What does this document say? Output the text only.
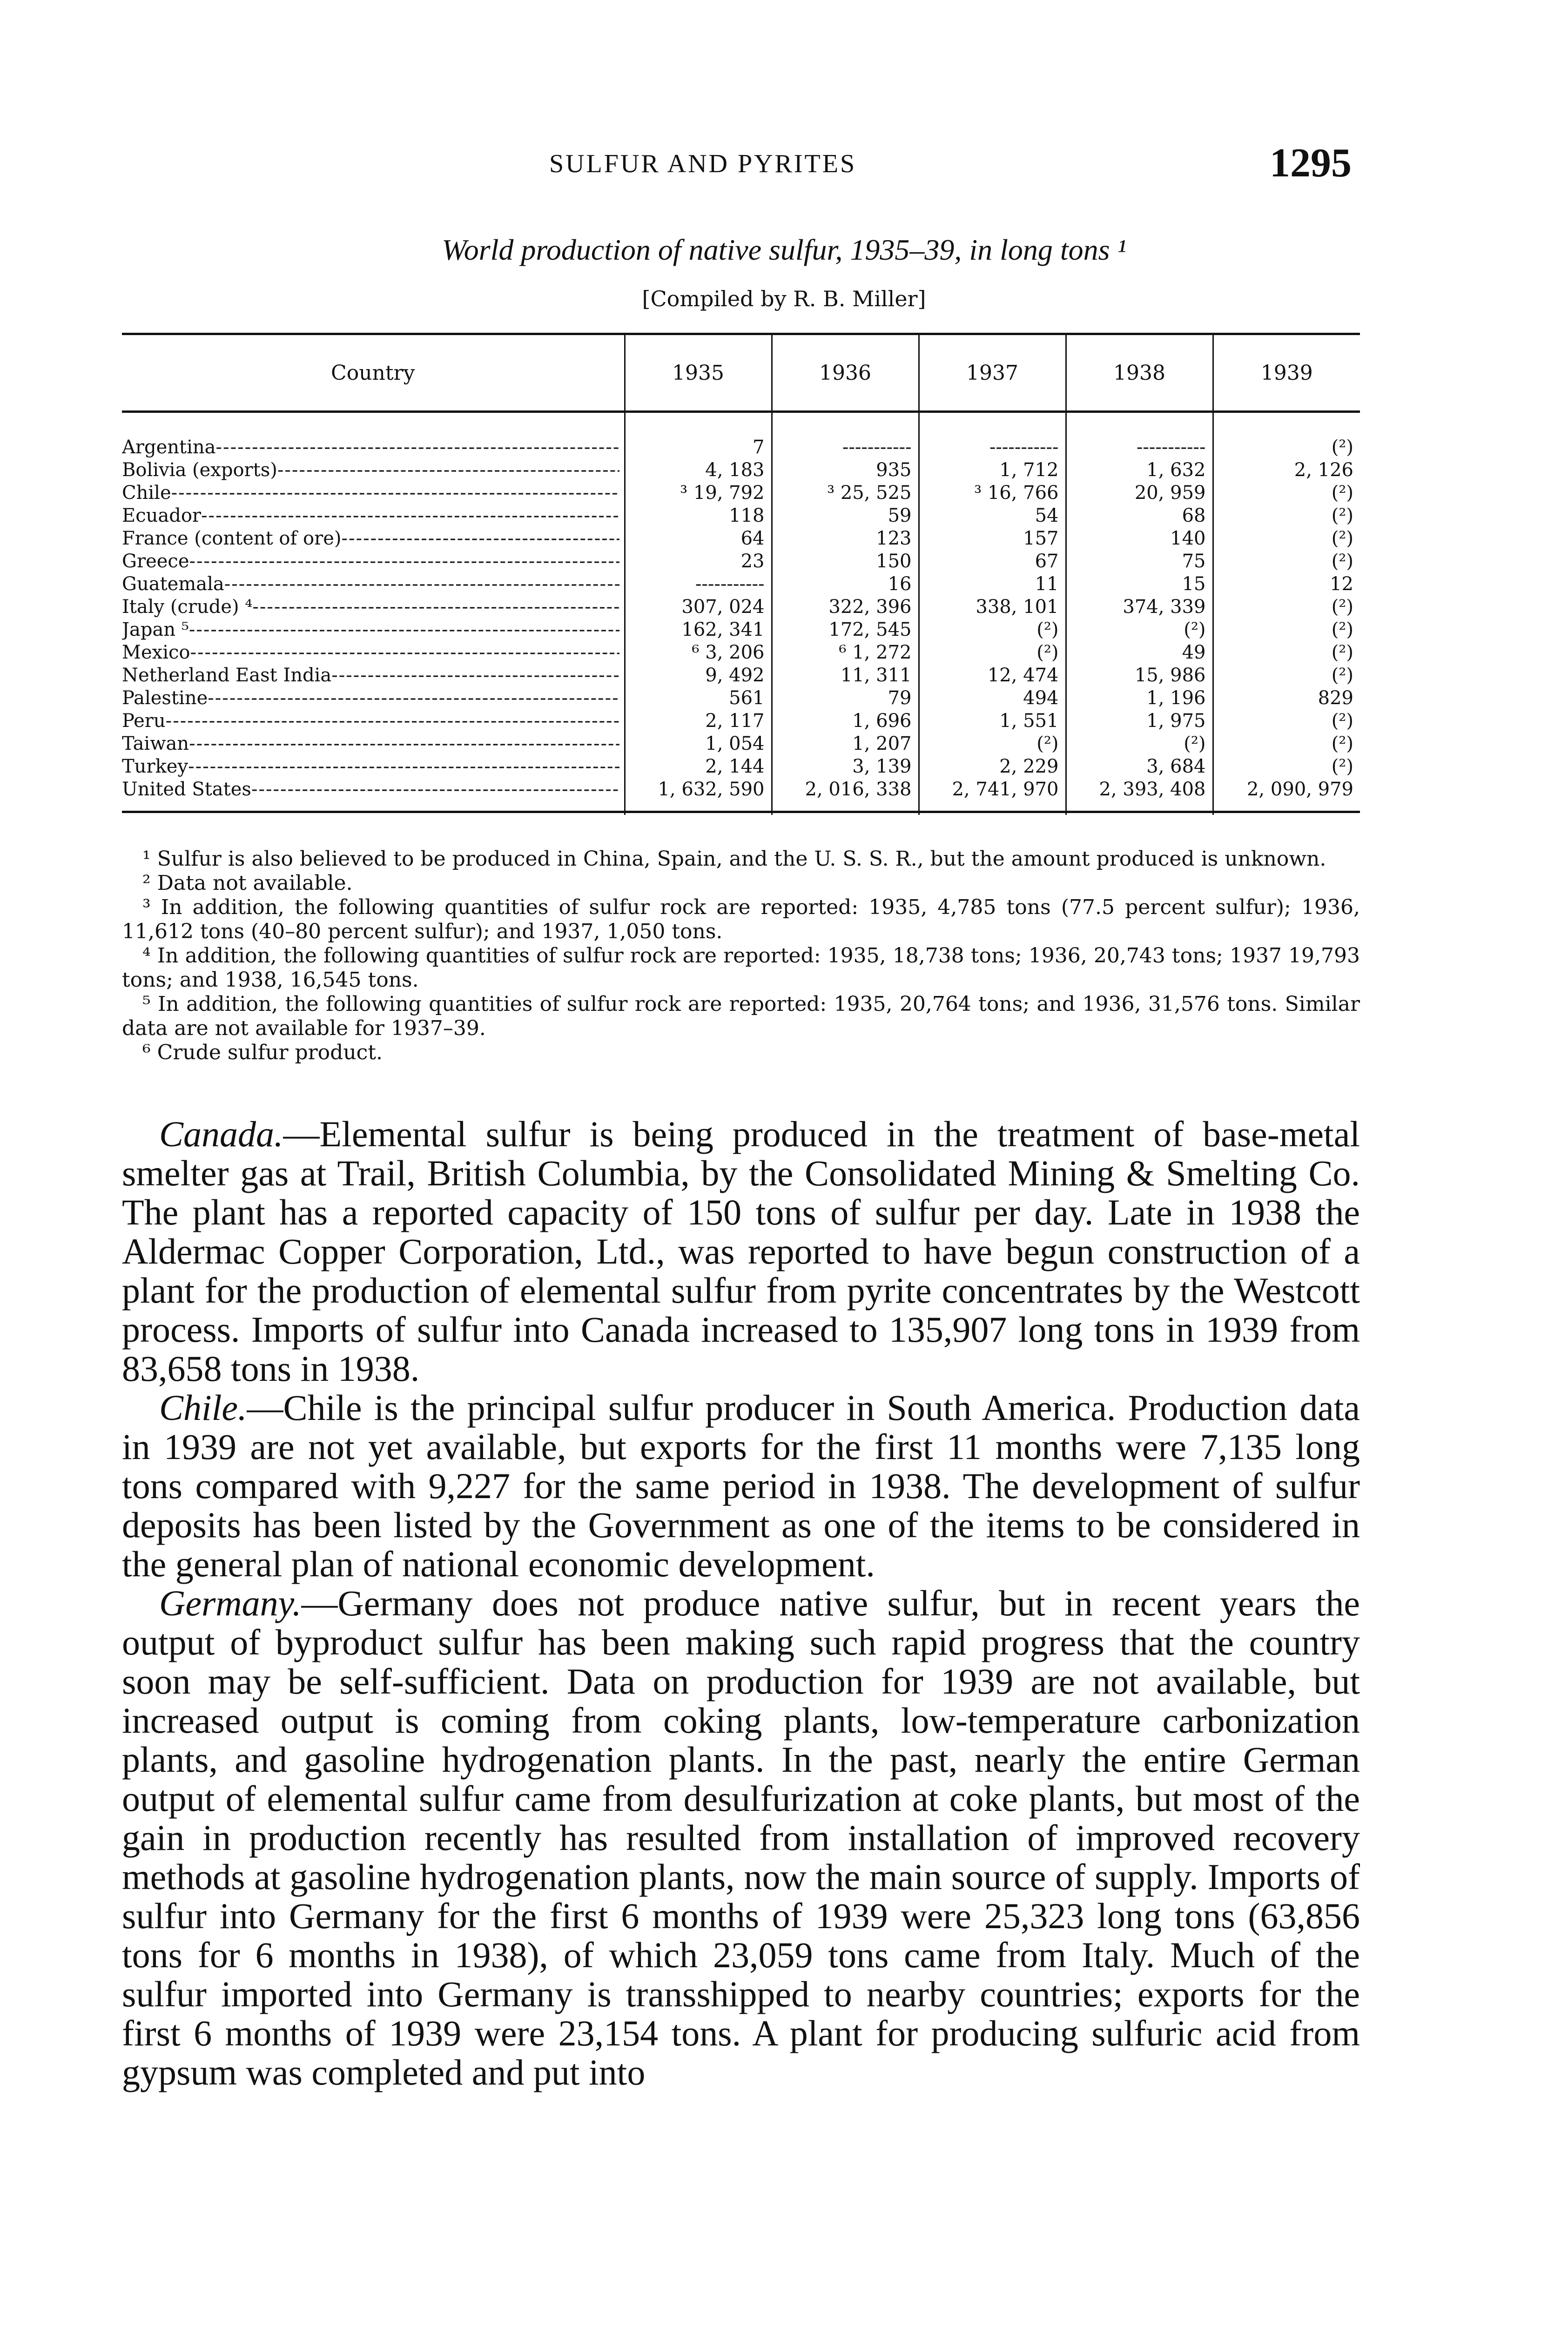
SULFUR AND PYRITES	1295
World production of native sulfur, 1935–39, in long tons ¹
[Compiled by R. B. Miller]
Country	1935	1936	1937	1938	1939

Argentina -----	7	-----------	-----------	-----------	(²)

Bolivia (exports) -----	4, 183	935	1, 712	1, 632	2, 126

Chile -----	³ 19, 792	³ 25, 525	³ 16, 766	20, 959	(²)

Ecuador -----	118	59	54	68	(²)

France (content of ore) -----	64	123	157	140	(²)

Greece -----	23	150	67	75	(²)

Guatemala -----	-----------	16	11	15	12

Italy (crude) ⁴ -----	307, 024	322, 396	338, 101	374, 339	(²)

Japan ⁵ -----	162, 341	172, 545	(²)	(²)	(²)

Mexico -----	⁶ 3, 206	⁶ 1, 272	(²)	49	(²)

Netherland East India -----	9, 492	11, 311	12, 474	15, 986	(²)

Palestine -----	561	79	494	1, 196	829

Peru -----	2, 117	1, 696	1, 551	1, 975	(²)

Taiwan -----	1, 054	1, 207	(²)	(²)	(²)

Turkey -----	2, 144	3, 139	2, 229	3, 684	(²)

United States -----	1, 632, 590	2, 016, 338	2, 741, 970	2, 393, 408	2, 090, 979

¹ Sulfur is also believed to be produced in China, Spain, and the U. S. S. R., but the amount produced is unknown.

² Data not available.

³ In addition, the following quantities of sulfur rock are reported: 1935, 4,785 tons (77.5 percent sulfur); 1936, 11,612 tons (40–80 percent sulfur); and 1937, 1,050 tons.

⁴ In addition, the following quantities of sulfur rock are reported: 1935, 18,738 tons; 1936, 20,743 tons; 1937 19,793 tons; and 1938, 16,545 tons.

⁵ In addition, the following quantities of sulfur rock are reported: 1935, 20,764 tons; and 1936, 31,576 tons. Similar data are not available for 1937–39.

⁶ Crude sulfur product.

Canada.—Elemental sulfur is being produced in the treatment of base-metal smelter gas at Trail, British Columbia, by the Consolidated Mining & Smelting Co. The plant has a reported capacity of 150 tons of sulfur per day. Late in 1938 the Aldermac Copper Corporation, Ltd., was reported to have begun construction of a plant for the production of elemental sulfur from pyrite concentrates by the Westcott process. Imports of sulfur into Canada increased to 135,907 long tons in 1939 from 83,658 tons in 1938.

Chile.—Chile is the principal sulfur producer in South America. Production data in 1939 are not yet available, but exports for the first 11 months were 7,135 long tons compared with 9,227 for the same period in 1938. The development of sulfur deposits has been listed by the Government as one of the items to be considered in the general plan of national economic development.

Germany.—Germany does not produce native sulfur, but in recent years the output of byproduct sulfur has been making such rapid progress that the country soon may be self-sufficient. Data on production for 1939 are not available, but increased output is coming from coking plants, low-temperature carbonization plants, and gasoline hydrogenation plants. In the past, nearly the entire German output of elemental sulfur came from desulfurization at coke plants, but most of the gain in production recently has resulted from installation of improved recovery methods at gasoline hydrogenation plants, now the main source of supply. Imports of sulfur into Germany for the first 6 months of 1939 were 25,323 long tons (63,856 tons for 6 months in 1938), of which 23,059 tons came from Italy. Much of the sulfur imported into Germany is transshipped to nearby countries; exports for the first 6 months of 1939 were 23,154 tons. A plant for producing sulfuric acid from gypsum was completed and put into
